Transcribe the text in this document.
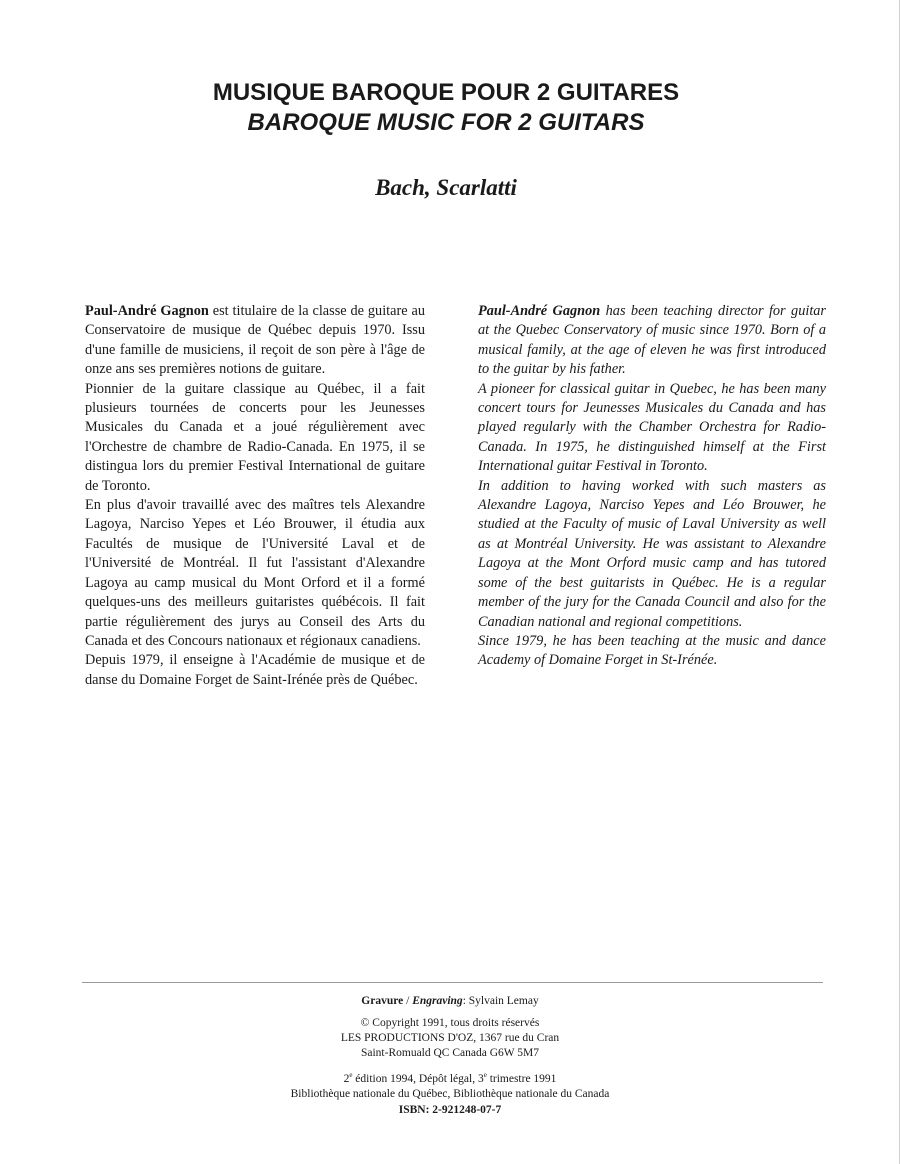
MUSIQUE BAROQUE POUR 2 GUITARES
BAROQUE MUSIC FOR 2 GUITARS
Bach, Scarlatti

Paul-André Gagnon est titulaire de la classe de guitare au Conservatoire de musique de Québec depuis 1970. Issu d'une famille de musiciens, il reçoit de son père à l'âge de onze ans ses premières notions de guitare.

Pionnier de la guitare classique au Québec, il a fait plusieurs tournées de concerts pour les Jeunesses Musicales du Canada et a joué régulièrement avec l'Orchestre de chambre de Radio-Canada. En 1975, il se distingua lors du premier Festival International de guitare de Toronto.

En plus d'avoir travaillé avec des maîtres tels Alexandre Lagoya, Narciso Yepes et Léo Brouwer, il étudia aux Facultés de musique de l'Université Laval et de l'Université de Montréal. Il fut l'assistant d'Alexandre Lagoya au camp musical du Mont Orford et il a formé quelques-uns des meilleurs guitaristes québécois. Il fait partie régulièrement des jurys au Conseil des Arts du Canada et des Concours nationaux et régionaux canadiens.

Depuis 1979, il enseigne à l'Académie de musique et de danse du Domaine Forget de Saint-Irénée près de Québec.

Paul-André Gagnon has been teaching director for guitar at the Quebec Conservatory of music since 1970. Born of a musical family, at the age of eleven he was first introduced to the guitar by his father.

A pioneer for classical guitar in Quebec, he has been many concert tours for Jeunesses Musicales du Canada and has played regularly with the Chamber Orchestra for Radio-Canada. In 1975, he distinguished himself at the First International guitar Festival in Toronto.

In addition to having worked with such masters as Alexandre Lagoya, Narciso Yepes and Léo Brouwer, he studied at the Faculty of music of Laval University as well as at Montréal University. He was assistant to Alexandre Lagoya at the Mont Orford music camp and has tutored some of the best guitarists in Québec. He is a regular member of the jury for the Canada Council and also for the Canadian national and regional competitions.

Since 1979, he has been teaching at the music and dance Academy of Domaine Forget in St-Irénée.

Gravure / Engraving: Sylvain Lemay

© Copyright 1991, tous droits réservés

LES PRODUCTIONS D'OZ, 1367 rue du Cran

Saint-Romuald QC Canada G6W 5M7

2e édition 1994, Dépôt légal, 3e trimestre 1991

Bibliothèque nationale du Québec, Bibliothèque nationale du Canada

ISBN: 2-921248-07-7
